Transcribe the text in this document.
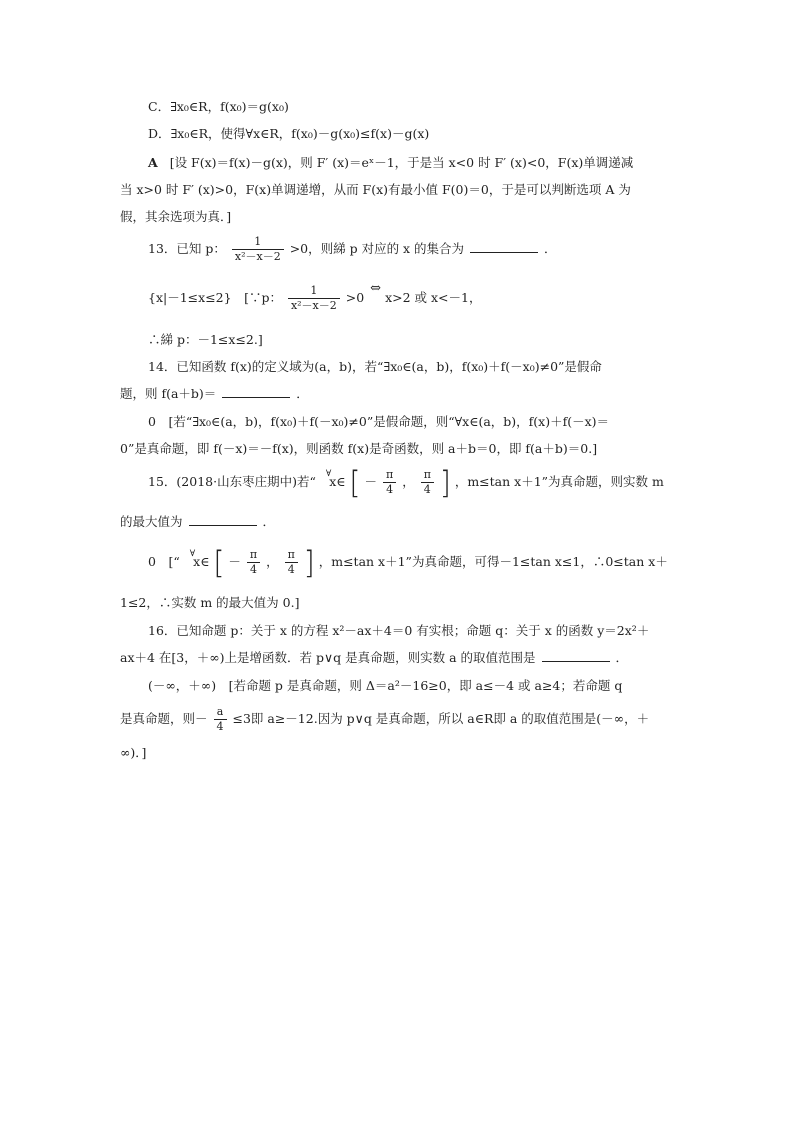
C．∃x₀∈R，f(x₀)＝g(x₀)
D．∃x₀∈R，使得∀x∈R，f(x₀)－g(x₀)≤f(x)－g(x)
A [设 F(x)＝f(x)－g(x)，则 F′ (x)＝eˣ－1，于是当 x<0 时 F′ (x)<0，F(x)单调递减
当 x>0 时 F′ (x)>0，F(x)单调递增，从而 F(x)有最小值 F(0)＝0，于是可以判断选项 A 为
假，其余选项为真．]
13．已知 p： $\frac{1}{\text{x²－x－2}} >0$，则綈 p 对应的 x 的集合为	．
{x|－1≤x≤2}　[∵p： $\frac{1}{\text{x²－x－2}} >0$ ⇔ x>2 或 x<－1，
∴綈 p：－1≤x≤2.]
14．已知函数 f(x)的定义域为(a，b)，若“∃x₀∈(a，b)，f(x₀)＋f(－x₀)≠0”是假命
题，则 f(a＋b)＝	．
0　[若“∃x₀∈(a，b)，f(x₀)＋f(－x₀)≠0”是假命题，则“∀x∈(a，b)，f(x)＋f(－x)＝
0”是真命题，即 f(－x)＝－f(x)，则函数 f(x)是奇函数，则 a＋b＝0，即 f(a＋b)＝0.]
15．(2018·山东枣庄期中)若“ ∀ x∈ [ － $\frac{\pi}{4}$ ， $\frac{\pi}{4}$ ] ，m≤tan x＋1”为真命题，则实数 m
的最大值为	．
0　[“ ∀ x∈ [ － $\frac{\pi}{4}$ ， $\frac{\pi}{4}$ ] ，m≤tan x＋1”为真命题，可得－1≤tan x≤1，∴0≤tan x＋
1≤2，∴实数 m 的最大值为 0.]
16．已知命题 p：关于 x 的方程 x²－ax＋4＝0 有实根；命题 q：关于 x 的函数 y＝2x²＋
ax＋4 在[3，＋∞)上是增函数．若 p∨q 是真命题，则实数 a 的取值范围是	．
(－∞，＋∞)　[若命题 p 是真命题，则 Δ＝a²－16≥0，即 a≤－4 或 a≥4；若命题 q
是真命题，则－ $\frac{a}{4} \le 3$即 a≥－12.因为 p∨q 是真命题，所以 a∈R即 a 的取值范围是(－∞，＋
∞)．]
